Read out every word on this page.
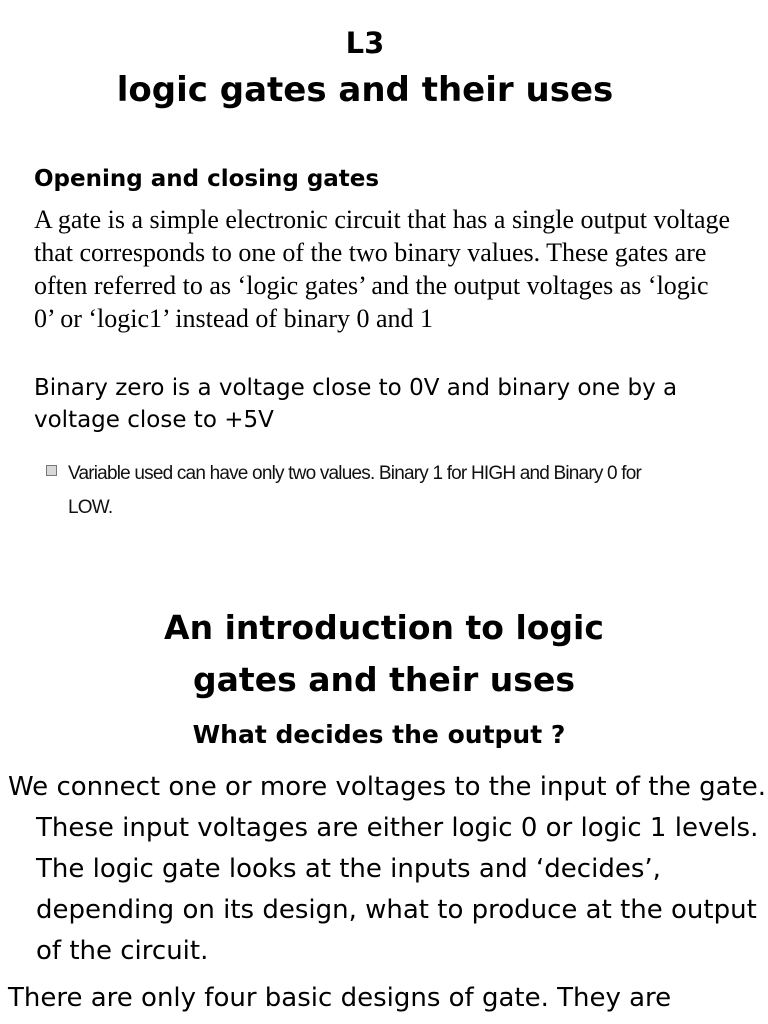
L3
logic gates and their uses
Opening and closing gates

A gate is a simple electronic circuit that has a single output voltage that corresponds to one of the two binary values. These gates are often referred to as ‘logic gates’ and the output voltages as ‘logic 0’ or ‘logic1’ instead of binary 0 and 1

Binary zero is a voltage close to 0V and binary one by a voltage close to +5V

Variable used can have only two values. Binary 1 for HIGH and Binary 0 for LOW.
An introduction to logic
gates and their uses
What decides the output ?

We connect one or more voltages to the input of the gate. These input voltages are either logic 0 or logic 1 levels. The logic gate looks at the inputs and ‘decides’, depending on its design, what to produce at the output of the circuit.

There are only four basic designs of gate. They are
